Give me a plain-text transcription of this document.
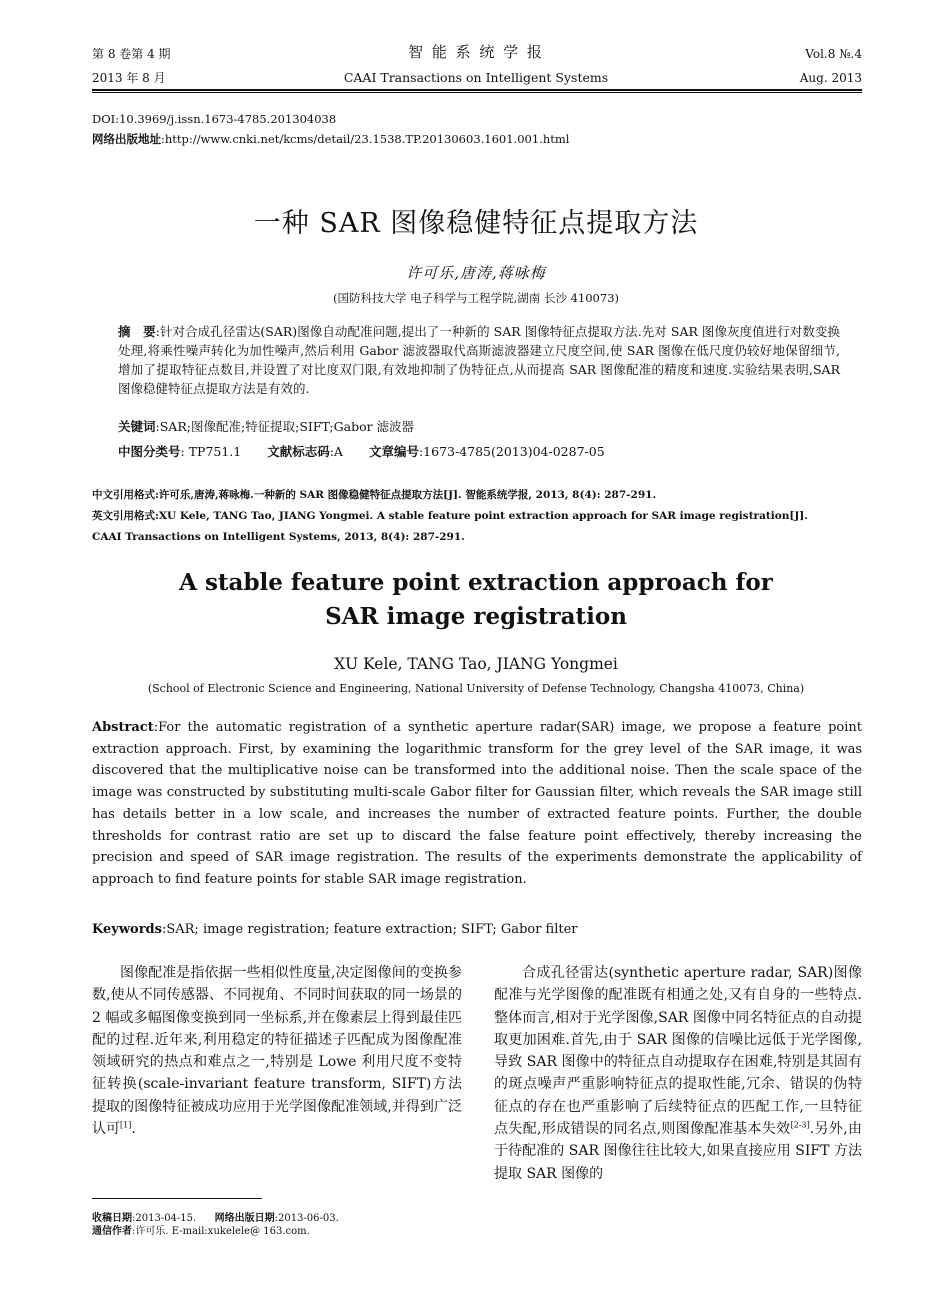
第 8 卷第 4 期
2013 年 8 月
智 能 系 统 学 报
CAAI Transactions on Intelligent Systems
Vol.8 №.4
Aug. 2013
DOI:10.3969/j.issn.1673-4785.201304038
网络出版地址:http://www.cnki.net/kcms/detail/23.1538.TP.20130603.1601.001.html
一种 SAR 图像稳健特征点提取方法
许可乐,唐涛,蒋咏梅
(国防科技大学 电子科学与工程学院,湖南 长沙 410073)
摘　要:针对合成孔径雷达(SAR)图像自动配准问题,提出了一种新的 SAR 图像特征点提取方法.先对 SAR 图像灰度值进行对数变换处理,将乘性噪声转化为加性噪声,然后利用 Gabor 滤波器取代高斯滤波器建立尺度空间,使 SAR 图像在低尺度仍较好地保留细节,增加了提取特征点数目,并设置了对比度双门限,有效地抑制了伪特征点,从而提高 SAR 图像配准的精度和速度.实验结果表明,SAR 图像稳健特征点提取方法是有效的.
关键词:SAR;图像配准;特征提取;SIFT;Gabor 滤波器
中图分类号: TP751.1 文献标志码:A 文章编号:1673-4785(2013)04-0287-05
中文引用格式:许可乐,唐涛,蒋咏梅.一种新的 SAR 图像稳健特征点提取方法[J]. 智能系统学报, 2013, 8(4): 287-291.
英文引用格式:XU Kele, TANG Tao, JIANG Yongmei. A stable feature point extraction approach for SAR image registration[J].
CAAI Transactions on Intelligent Systems, 2013, 8(4): 287-291.
A stable feature point extraction approach for
SAR image registration
XU Kele, TANG Tao, JIANG Yongmei
(School of Electronic Science and Engineering, National University of Defense Technology, Changsha 410073, China)
Abstract:For the automatic registration of a synthetic aperture radar(SAR) image, we propose a feature point extraction approach. First, by examining the logarithmic transform for the grey level of the SAR image, it was discovered that the multiplicative noise can be transformed into the additional noise. Then the scale space of the image was constructed by substituting multi-scale Gabor filter for Gaussian filter, which reveals the SAR image still has details better in a low scale, and increases the number of extracted feature points. Further, the double thresholds for contrast ratio are set up to discard the false feature point effectively, thereby increasing the precision and speed of SAR image registration. The results of the experiments demonstrate the applicability of approach to find feature points for stable SAR image registration.
Keywords:SAR; image registration; feature extraction; SIFT; Gabor filter

图像配准是指依据一些相似性度量,决定图像间的变换参数,使从不同传感器、不同视角、不同时间获取的同一场景的 2 幅或多幅图像变换到同一坐标系,并在像素层上得到最佳匹配的过程.近年来,利用稳定的特征描述子匹配成为图像配准领域研究的热点和难点之一,特别是 Lowe 利用尺度不变特征转换(scale-invariant feature transform, SIFT)方法提取的图像特征被成功应用于光学图像配准领域,并得到广泛认可[1].

收稿日期:2013-04-15. 网络出版日期:2013-06-03.
通信作者:许可乐. E-mail:xukelele@ 163.com.

合成孔径雷达(synthetic aperture radar, SAR)图像配准与光学图像的配准既有相通之处,又有自身的一些特点.整体而言,相对于光学图像,SAR 图像中同名特征点的自动提取更加困难.首先,由于 SAR 图像的信噪比远低于光学图像,导致 SAR 图像中的特征点自动提取存在困难,特别是其固有的斑点噪声严重影响特征点的提取性能,冗余、错误的伪特征点的存在也严重影响了后续特征点的匹配工作,一旦特征点失配,形成错误的同名点,则图像配准基本失效[2-3].另外,由于待配准的 SAR 图像往往比较大,如果直接应用 SIFT 方法提取 SAR 图像的
